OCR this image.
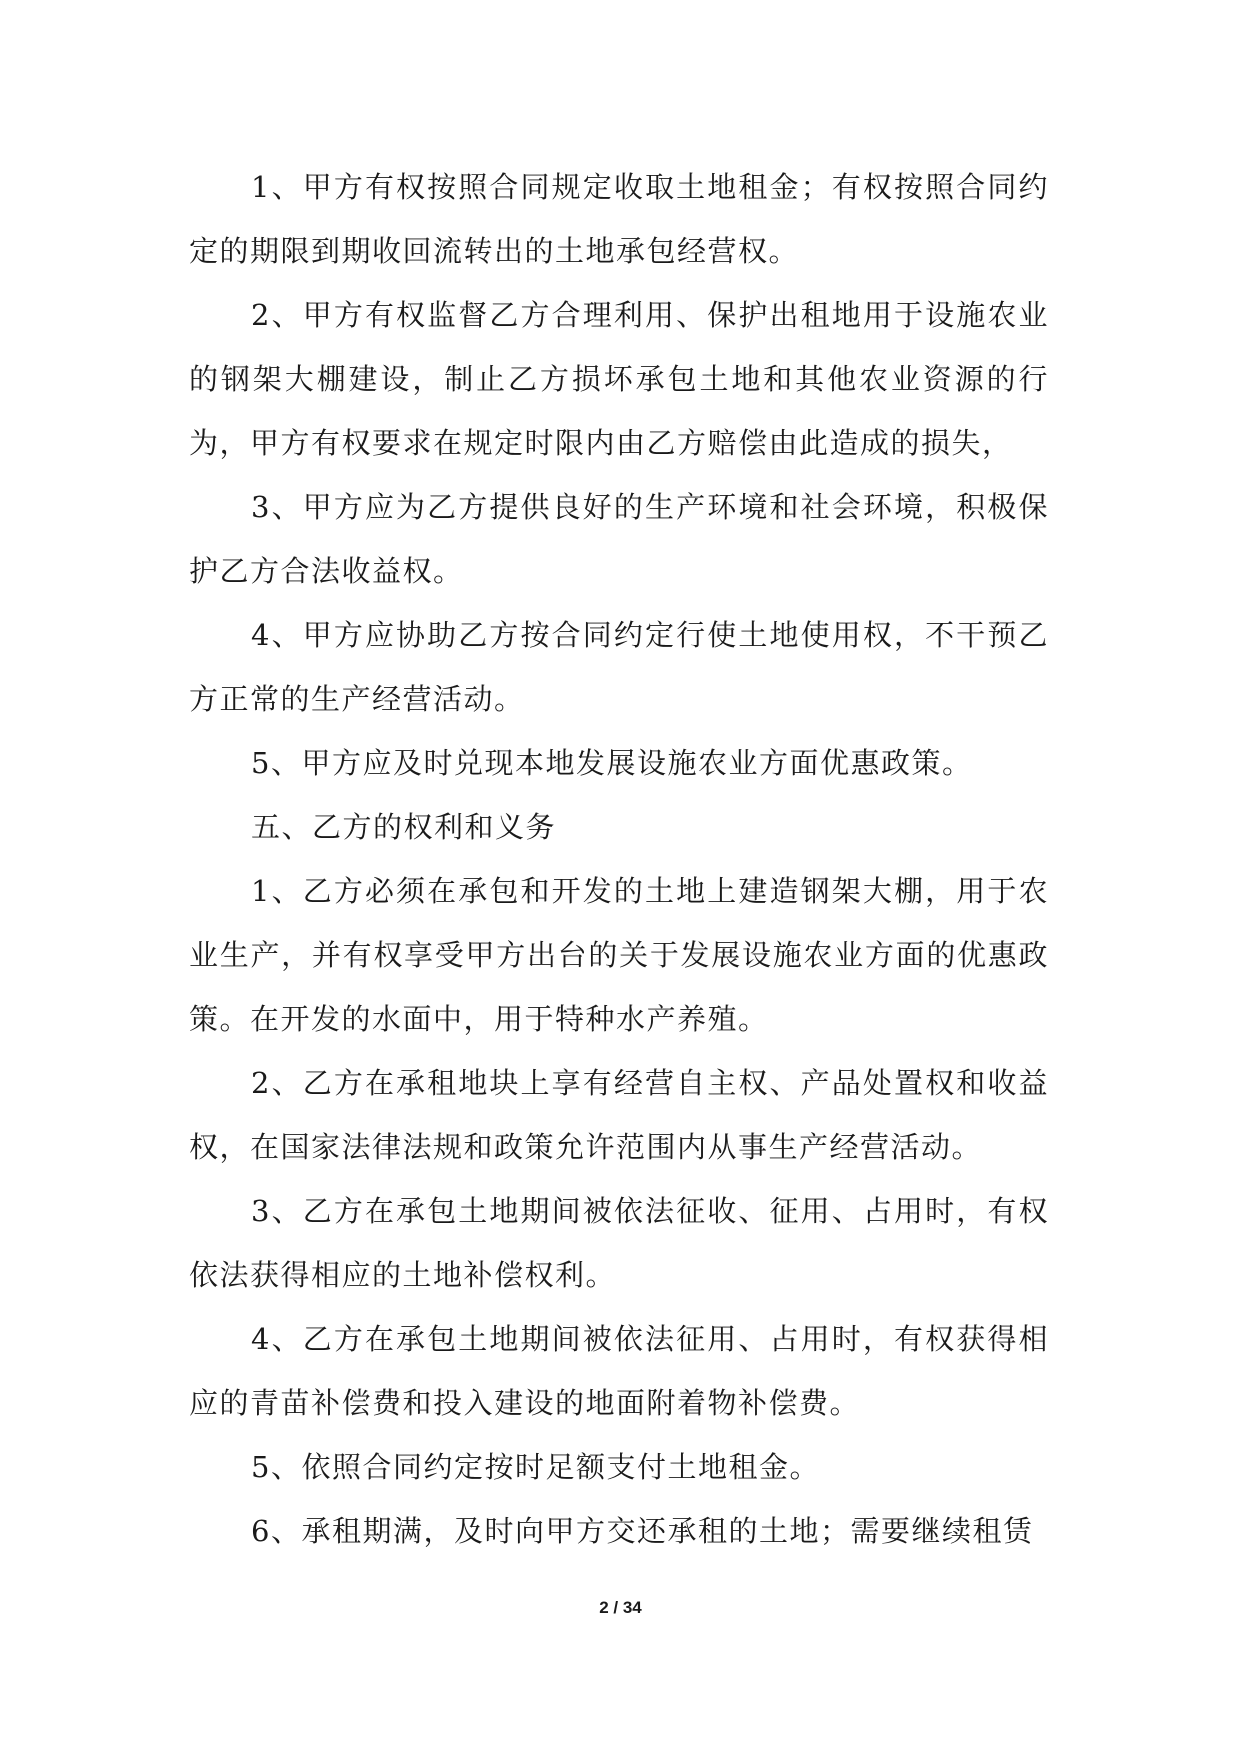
1、甲方有权按照合同规定收取土地租金；有权按照合同约定的期限到期收回流转出的土地承包经营权。

2、甲方有权监督乙方合理利用、保护出租地用于设施农业的钢架大棚建设，制止乙方损坏承包土地和其他农业资源的行为，甲方有权要求在规定时限内由乙方赔偿由此造成的损失，

3、甲方应为乙方提供良好的生产环境和社会环境，积极保护乙方合法收益权。

4、甲方应协助乙方按合同约定行使土地使用权，不干预乙方正常的生产经营活动。

5、甲方应及时兑现本地发展设施农业方面优惠政策。

五、乙方的权利和义务

1、乙方必须在承包和开发的土地上建造钢架大棚，用于农业生产，并有权享受甲方出台的关于发展设施农业方面的优惠政策。在开发的水面中，用于特种水产养殖。

2、乙方在承租地块上享有经营自主权、产品处置权和收益权，在国家法律法规和政策允许范围内从事生产经营活动。

3、乙方在承包土地期间被依法征收、征用、占用时，有权依法获得相应的土地补偿权利。

4、乙方在承包土地期间被依法征用、占用时，有权获得相应的青苗补偿费和投入建设的地面附着物补偿费。

5、依照合同约定按时足额支付土地租金。

6、承租期满，及时向甲方交还承租的土地；需要继续租赁

2 / 34
